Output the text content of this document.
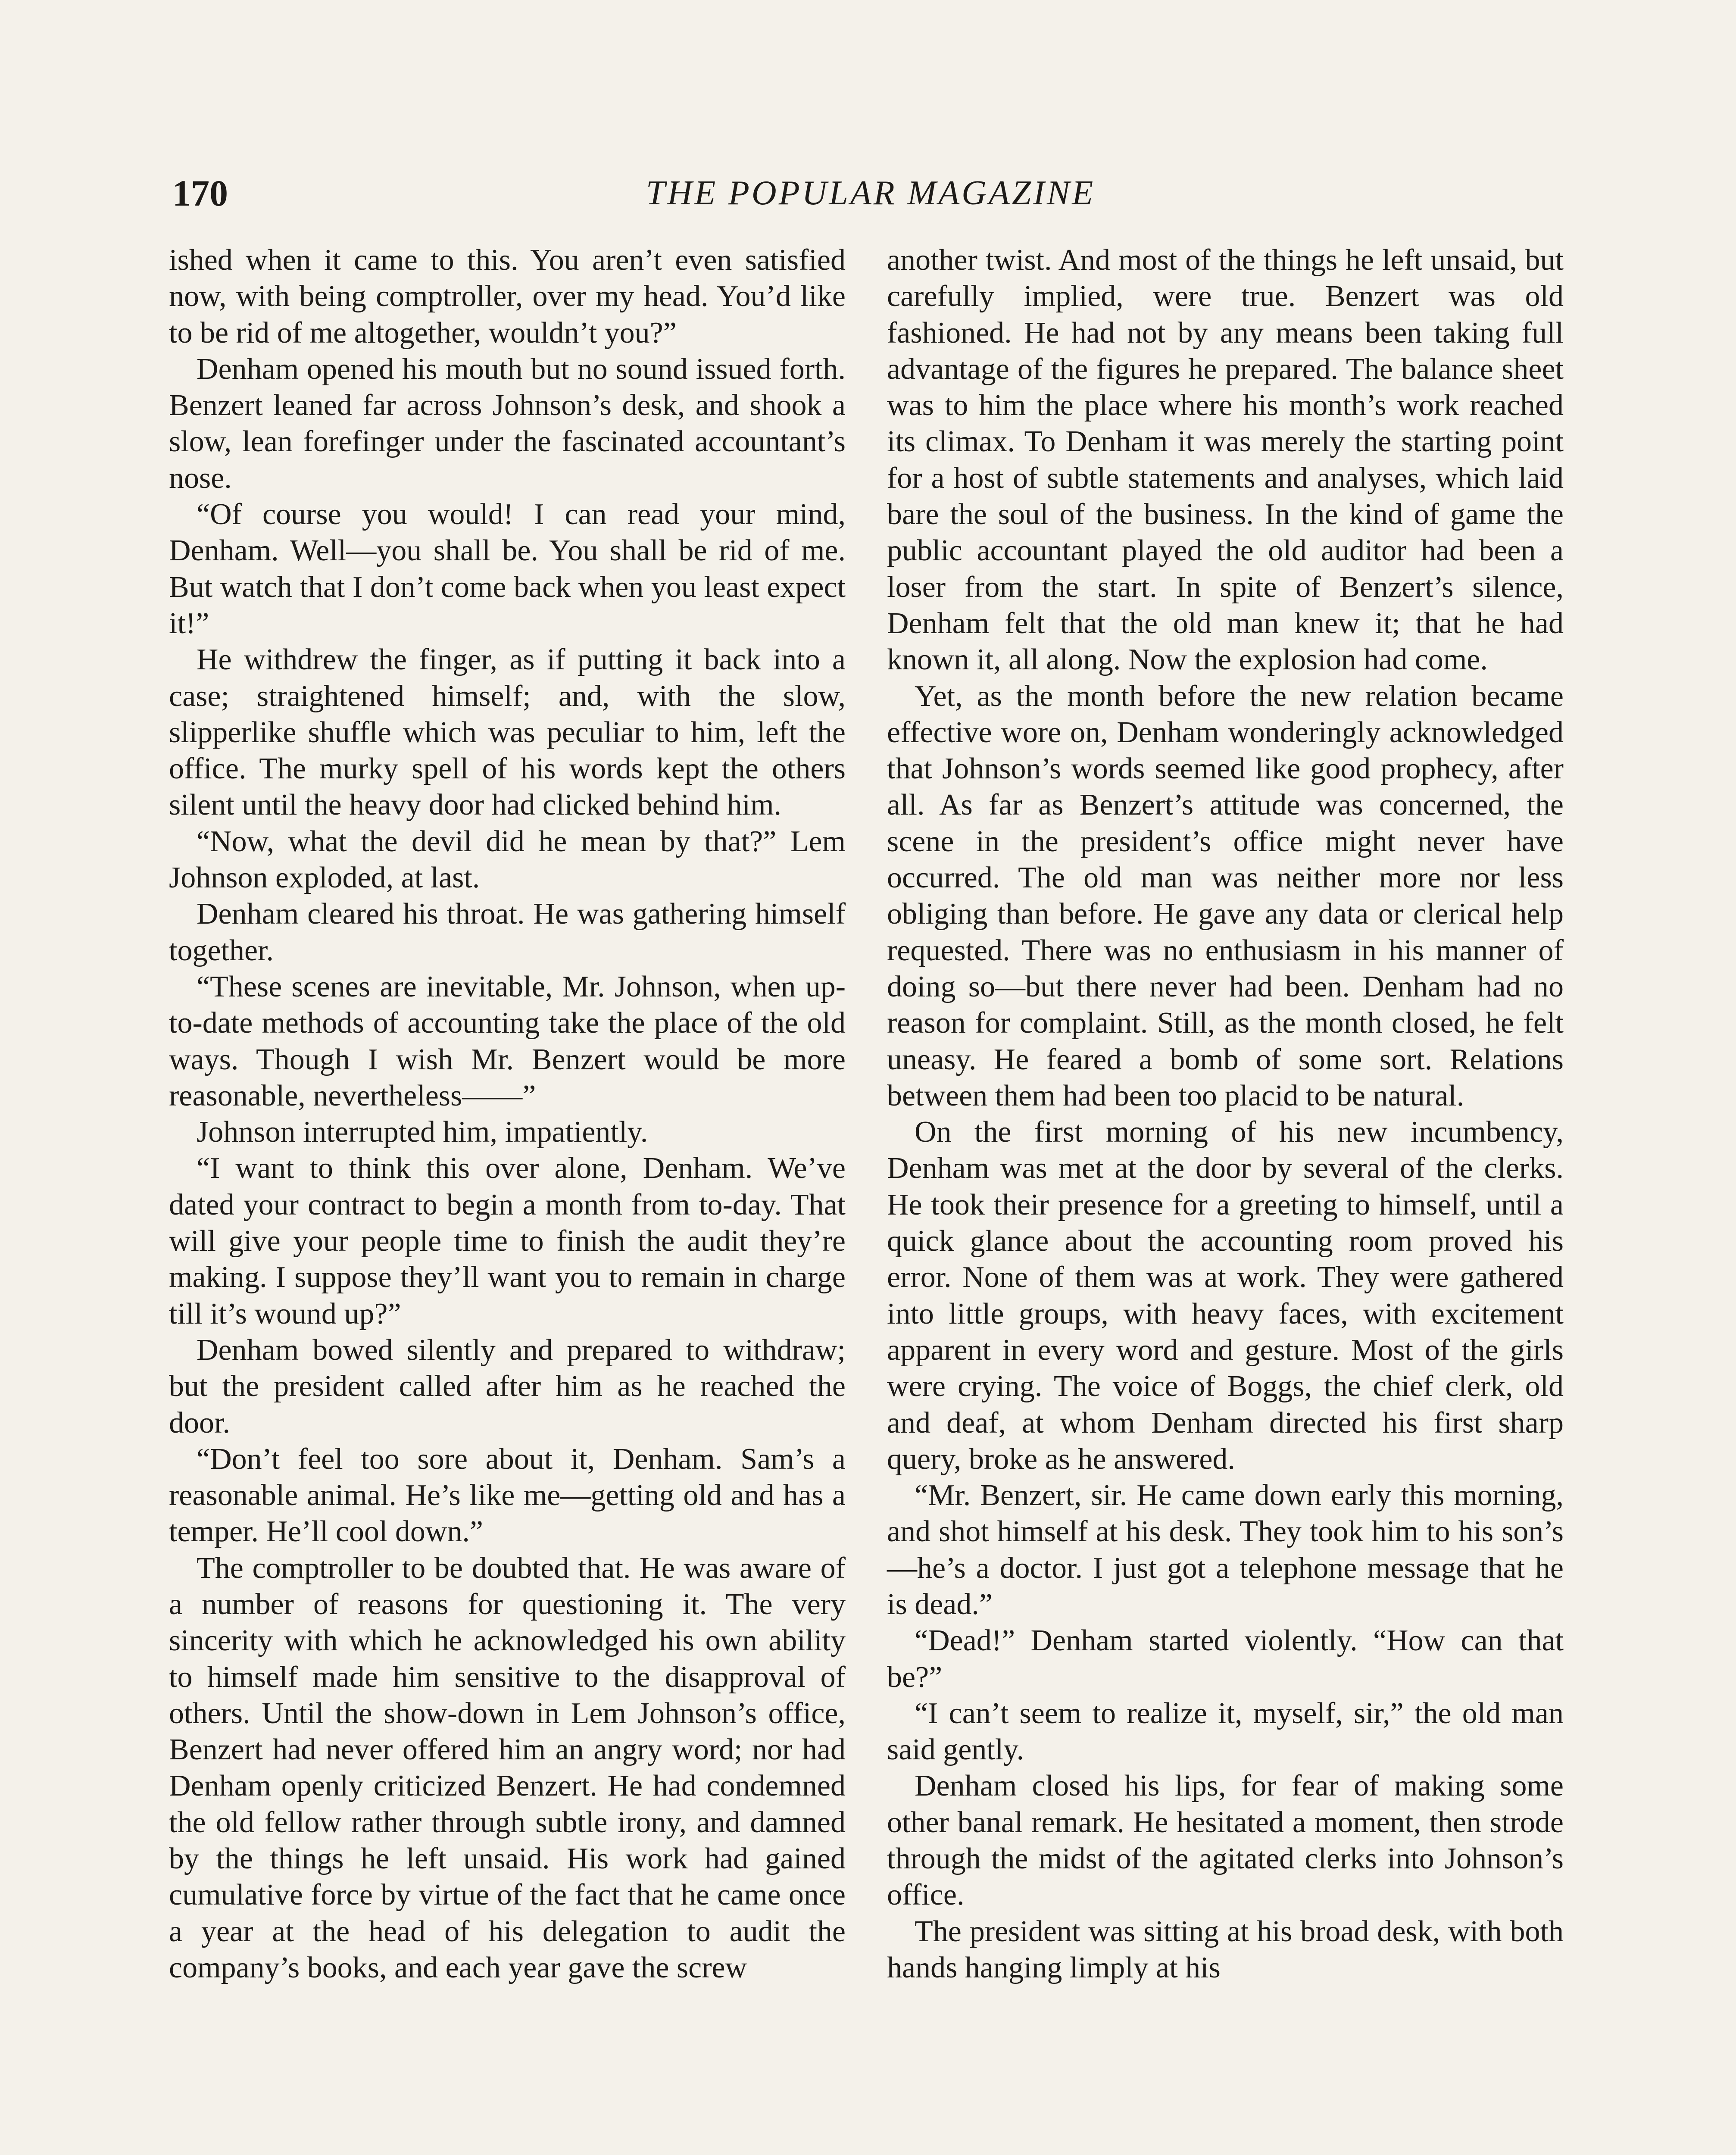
170	THE POPULAR MAGAZINE

ished when it came to this. You aren’t even satisfied now, with being comptroller, over my head. You’d like to be rid of me altogether, wouldn’t you?”

Denham opened his mouth but no sound issued forth. Benzert leaned far across Johnson’s desk, and shook a slow, lean forefinger under the fascinated accountant’s nose.

“Of course you would! I can read your mind, Denham. Well—you shall be. You shall be rid of me. But watch that I don’t come back when you least expect it!”

He withdrew the finger, as if putting it back into a case; straightened himself; and, with the slow, slipperlike shuffle which was peculiar to him, left the office. The murky spell of his words kept the others silent until the heavy door had clicked behind him.

“Now, what the devil did he mean by that?” Lem Johnson exploded, at last.

Denham cleared his throat. He was gathering himself together.

“These scenes are inevitable, Mr. Johnson, when up-to-date methods of accounting take the place of the old ways. Though I wish Mr. Benzert would be more reasonable, nevertheless——”

Johnson interrupted him, impatiently.

“I want to think this over alone, Denham. We’ve dated your contract to begin a month from to-day. That will give your people time to finish the audit they’re making. I suppose they’ll want you to remain in charge till it’s wound up?”

Denham bowed silently and prepared to withdraw; but the president called after him as he reached the door.

“Don’t feel too sore about it, Denham. Sam’s a reasonable animal. He’s like me—getting old and has a temper. He’ll cool down.”

The comptroller to be doubted that. He was aware of a number of reasons for questioning it. The very sincerity with which he acknowledged his own ability to himself made him sensitive to the disapproval of others. Until the show-down in Lem Johnson’s office, Benzert had never offered him an angry word; nor had Denham openly criticized Benzert. He had condemned the old fellow rather through subtle irony, and damned by the things he left unsaid. His work had gained cumulative force by virtue of the fact that he came once a year at the head of his delegation to audit the company’s books, and each year gave the screw

another twist. And most of the things he left unsaid, but carefully implied, were true. Benzert was old fashioned. He had not by any means been taking full advantage of the figures he prepared. The balance sheet was to him the place where his month’s work reached its climax. To Denham it was merely the starting point for a host of subtle statements and analyses, which laid bare the soul of the business. In the kind of game the public accountant played the old auditor had been a loser from the start. In spite of Benzert’s silence, Denham felt that the old man knew it; that he had known it, all along. Now the explosion had come.

Yet, as the month before the new relation became effective wore on, Denham wonderingly acknowledged that Johnson’s words seemed like good prophecy, after all. As far as Benzert’s attitude was concerned, the scene in the president’s office might never have occurred. The old man was neither more nor less obliging than before. He gave any data or clerical help requested. There was no enthusiasm in his manner of doing so—but there never had been. Denham had no reason for complaint. Still, as the month closed, he felt uneasy. He feared a bomb of some sort. Relations between them had been too placid to be natural.

On the first morning of his new incumbency, Denham was met at the door by several of the clerks. He took their presence for a greeting to himself, until a quick glance about the accounting room proved his error. None of them was at work. They were gathered into little groups, with heavy faces, with excitement apparent in every word and gesture. Most of the girls were crying. The voice of Boggs, the chief clerk, old and deaf, at whom Denham directed his first sharp query, broke as he answered.

“Mr. Benzert, sir. He came down early this morning, and shot himself at his desk. They took him to his son’s—he’s a doctor. I just got a telephone message that he is dead.”

“Dead!” Denham started violently. “How can that be?”

“I can’t seem to realize it, myself, sir,” the old man said gently.

Denham closed his lips, for fear of making some other banal remark. He hesitated a moment, then strode through the midst of the agitated clerks into Johnson’s office.

The president was sitting at his broad desk, with both hands hanging limply at his
